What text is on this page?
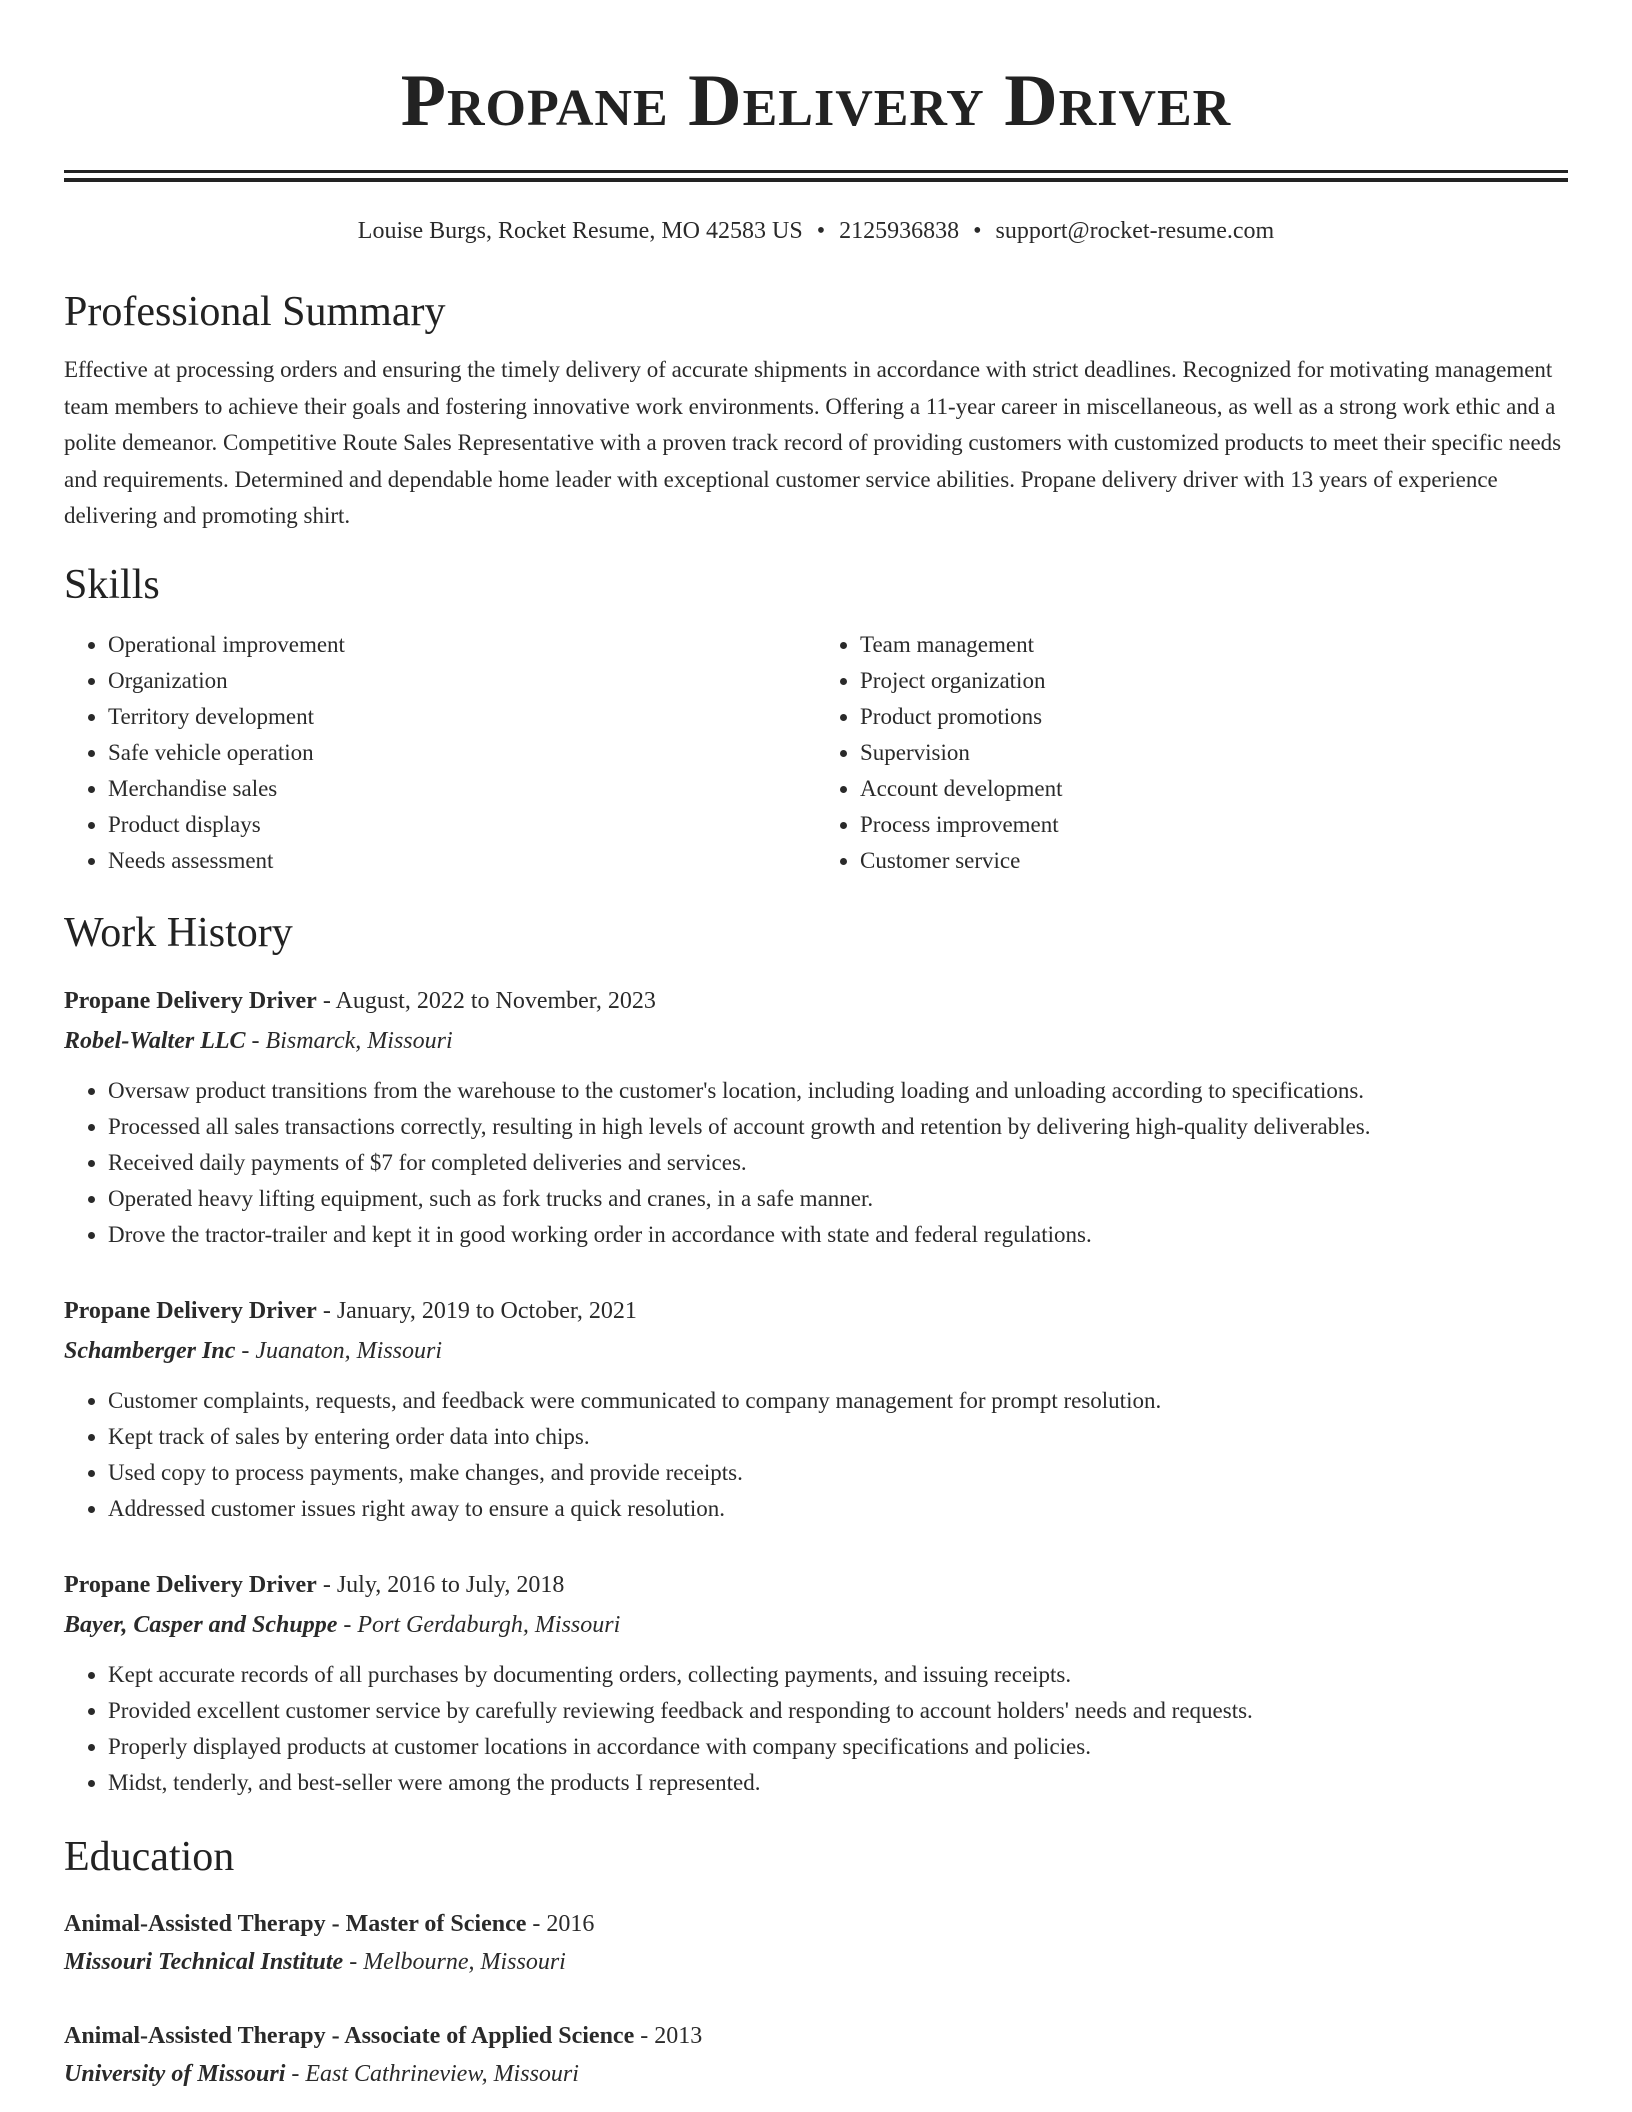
Propane Delivery Driver
Louise Burgs, Rocket Resume, MO 42583 US • 2125936838 • support@rocket-resume.com
Professional Summary

Effective at processing orders and ensuring the timely delivery of accurate shipments in accordance with strict deadlines. Recognized for motivating management team members to achieve their goals and fostering innovative work environments. Offering a 11-year career in miscellaneous, as well as a strong work ethic and a polite demeanor. Competitive Route Sales Representative with a proven track record of providing customers with customized products to meet their specific needs and requirements. Determined and dependable home leader with exceptional customer service abilities. Propane delivery driver with 13 years of experience delivering and promoting shirt.

Skills
• Operational improvement
• Organization
• Territory development
• Safe vehicle operation
• Merchandise sales
• Product displays
• Needs assessment
• Team management
• Project organization
• Product promotions
• Supervision
• Account development
• Process improvement
• Customer service
Work History
Propane Delivery Driver - August, 2022 to November, 2023
Robel-Walter LLC - Bismarck, Missouri
• Oversaw product transitions from the warehouse to the customer's location, including loading and unloading according to specifications.
• Processed all sales transactions correctly, resulting in high levels of account growth and retention by delivering high-quality deliverables.
• Received daily payments of $7 for completed deliveries and services.
• Operated heavy lifting equipment, such as fork trucks and cranes, in a safe manner.
• Drove the tractor-trailer and kept it in good working order in accordance with state and federal regulations.
Propane Delivery Driver - January, 2019 to October, 2021
Schamberger Inc - Juanaton, Missouri
• Customer complaints, requests, and feedback were communicated to company management for prompt resolution.
• Kept track of sales by entering order data into chips.
• Used copy to process payments, make changes, and provide receipts.
• Addressed customer issues right away to ensure a quick resolution.
Propane Delivery Driver - July, 2016 to July, 2018
Bayer, Casper and Schuppe - Port Gerdaburgh, Missouri
• Kept accurate records of all purchases by documenting orders, collecting payments, and issuing receipts.
• Provided excellent customer service by carefully reviewing feedback and responding to account holders' needs and requests.
• Properly displayed products at customer locations in accordance with company specifications and policies.
• Midst, tenderly, and best-seller were among the products I represented.
Education
Animal-Assisted Therapy - Master of Science - 2016
Missouri Technical Institute - Melbourne, Missouri
Animal-Assisted Therapy - Associate of Applied Science - 2013
University of Missouri - East Cathrineview, Missouri
